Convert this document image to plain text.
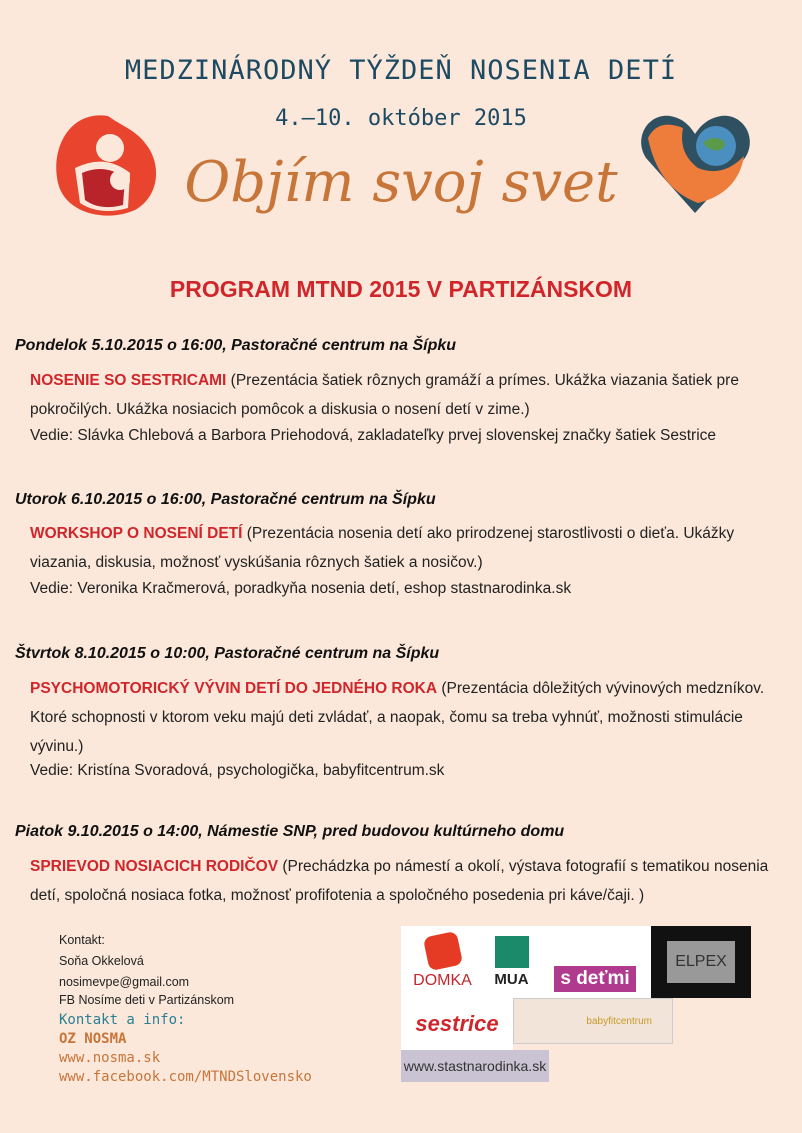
MEDZINÁRODNÝ TÝŽDEŇ NOSENIA DETÍ
4.–10. október 2015
Objím svoj svet
PROGRAM MTND 2015 V PARTIZÁNSKOM
Pondelok 5.10.2015 o 16:00, Pastoračné centrum na Šípku
NOSENIE SO SESTRICAMI (Prezentácia šatiek rôznych gramáží a prímes. Ukážka viazania šatiek pre pokročilých. Ukážka nosiacich pomôcok a diskusia o nosení detí v zime.)
Vedie: Slávka Chlebová a Barbora Priehodová, zakladateľky prvej slovenskej značky šatiek Sestrice
Utorok 6.10.2015 o 16:00, Pastoračné centrum na Šípku
WORKSHOP O NOSENÍ DETÍ (Prezentácia nosenia detí ako prirodzenej starostlivosti o dieťa. Ukážky viazania, diskusia, možnosť vyskúšania rôznych šatiek a nosičov.)
Vedie: Veronika Kračmerová, poradkyňa nosenia detí, eshop stastnarodinka.sk
Štvrtok 8.10.2015 o 10:00, Pastoračné centrum na Šípku
PSYCHOMOTORICKÝ VÝVIN DETÍ DO JEDNÉHO ROKA (Prezentácia dôležitých vývinových medzníkov. Ktoré schopnosti v ktorom veku majú deti zvládať, a naopak, čomu sa treba vyhnúť, možnosti stimulácie vývinu.)
Vedie: Kristína Svoradová, psychologička, babyfitcentrum.sk
Piatok 9.10.2015 o 14:00, Námestie SNP, pred budovou kultúrneho domu
SPRIEVOD NOSIACICH RODIČOV (Prechádzka po námestí a okolí, výstava fotografií s tematikou nosenia detí, spoločná nosiaca fotka, možnosť profifotenia a spoločného posedenia pri káve/čaji. )
Kontakt:
Soňa Okkelová
nosimevpe@gmail.com
FB Nosíme deti v Partizánskom
Kontakt a info:
OZ NOSMA
www.nosma.sk
www.facebook.com/MTNDSlovensko
DOMKA MUA	s deťmi
ELPEX
sestrice	babyfitcentrum
www.stastnarodinka.sk
